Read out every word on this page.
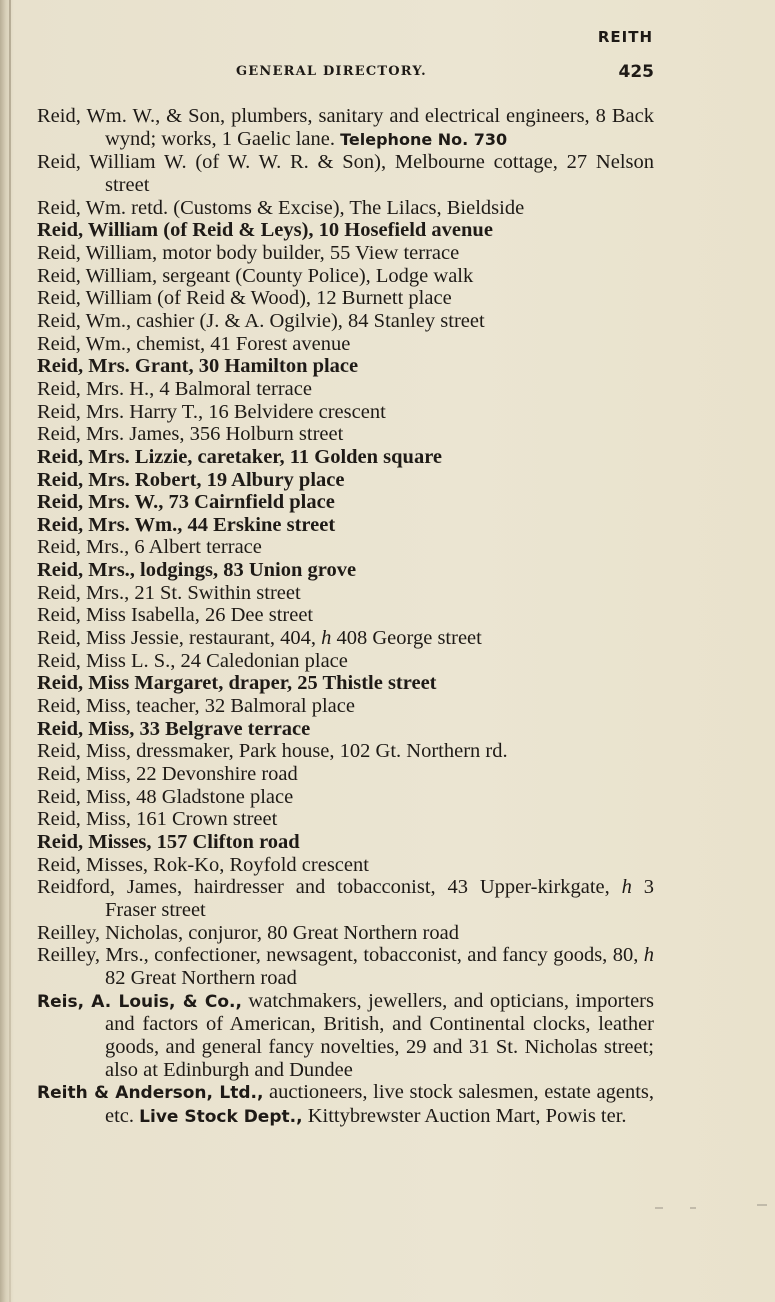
REITH
GENERAL DIRECTORY.	425
Reid, Wm. W., & Son, plumbers, sanitary and electrical engineers, 8 Back wynd; works, 1 Gaelic lane. Telephone No. 730
Reid, William W. (of W. W. R. & Son), Melbourne cottage, 27 Nelson street
Reid, Wm. retd. (Customs & Excise), The Lilacs, Bieldside
Reid, William (of Reid & Leys), 10 Hosefield avenue
Reid, William, motor body builder, 55 View terrace
Reid, William, sergeant (County Police), Lodge walk
Reid, William (of Reid & Wood), 12 Burnett place
Reid, Wm., cashier (J. & A. Ogilvie), 84 Stanley street
Reid, Wm., chemist, 41 Forest avenue
Reid, Mrs. Grant, 30 Hamilton place
Reid, Mrs. H., 4 Balmoral terrace
Reid, Mrs. Harry T., 16 Belvidere crescent
Reid, Mrs. James, 356 Holburn street
Reid, Mrs. Lizzie, caretaker, 11 Golden square
Reid, Mrs. Robert, 19 Albury place
Reid, Mrs. W., 73 Cairnfield place
Reid, Mrs. Wm., 44 Erskine street
Reid, Mrs., 6 Albert terrace
Reid, Mrs., lodgings, 83 Union grove
Reid, Mrs., 21 St. Swithin street
Reid, Miss Isabella, 26 Dee street
Reid, Miss Jessie, restaurant, 404, h 408 George street
Reid, Miss L. S., 24 Caledonian place
Reid, Miss Margaret, draper, 25 Thistle street
Reid, Miss, teacher, 32 Balmoral place
Reid, Miss, 33 Belgrave terrace
Reid, Miss, dressmaker, Park house, 102 Gt. Northern rd.
Reid, Miss, 22 Devonshire road
Reid, Miss, 48 Gladstone place
Reid, Miss, 161 Crown street
Reid, Misses, 157 Clifton road
Reid, Misses, Rok-Ko, Royfold crescent
Reidford, James, hairdresser and tobacconist, 43 Upper-kirkgate, h 3 Fraser street
Reilley, Nicholas, conjuror, 80 Great Northern road
Reilley, Mrs., confectioner, newsagent, tobacconist, and fancy goods, 80, h 82 Great Northern road
Reis, A. Louis, & Co., watchmakers, jewellers, and opticians, importers and factors of American, British, and Continental clocks, leather goods, and general fancy novelties, 29 and 31 St. Nicholas street; also at Edinburgh and Dundee
Reith & Anderson, Ltd., auctioneers, live stock salesmen, estate agents, etc. Live Stock Dept., Kittybrewster Auction Mart, Powis ter.
